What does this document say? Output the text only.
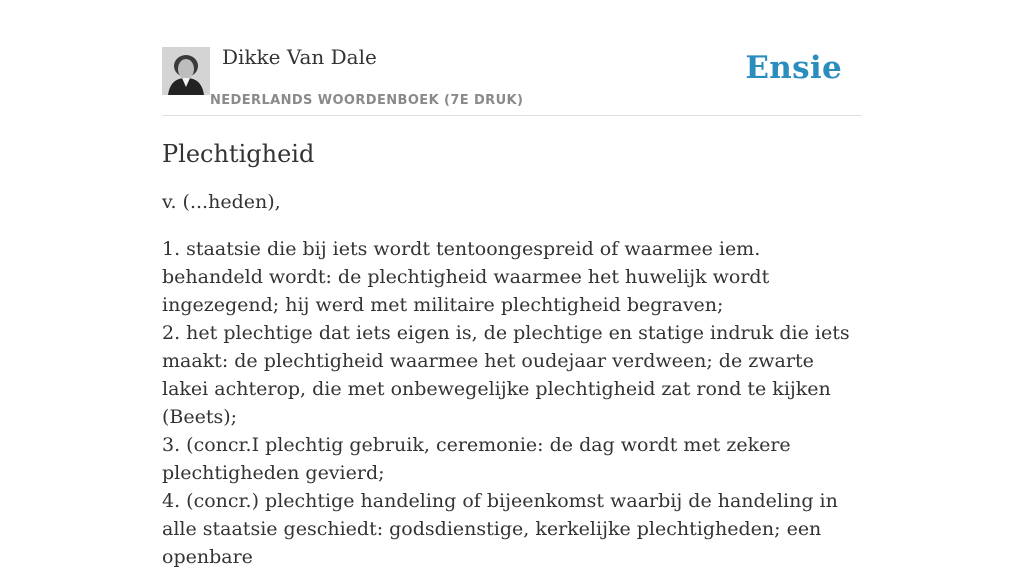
Dikke Van Dale
NEDERLANDS WOORDENBOEK (7E DRUK)
Ensie
Plechtigheid
v. (...heden),
1. staatsie die bij iets wordt tentoongespreid of waarmee iem. behandeld wordt: de plechtigheid waarmee het huwelijk wordt ingezegend; hij werd met militaire plechtigheid begraven;
2. het plechtige dat iets eigen is, de plechtige en statige indruk die iets maakt: de plechtigheid waarmee het oudejaar verdween; de zwarte lakei achterop, die met onbewegelijke plechtigheid zat rond te kijken (Beets);
3. (concr.I plechtig gebruik, ceremonie: de dag wordt met zekere plechtigheden gevierd;
4. (concr.) plechtige handeling of bijeenkomst waarbij de handeling in alle staatsie geschiedt: godsdienstige, kerkelijke plechtigheden; een openbare
